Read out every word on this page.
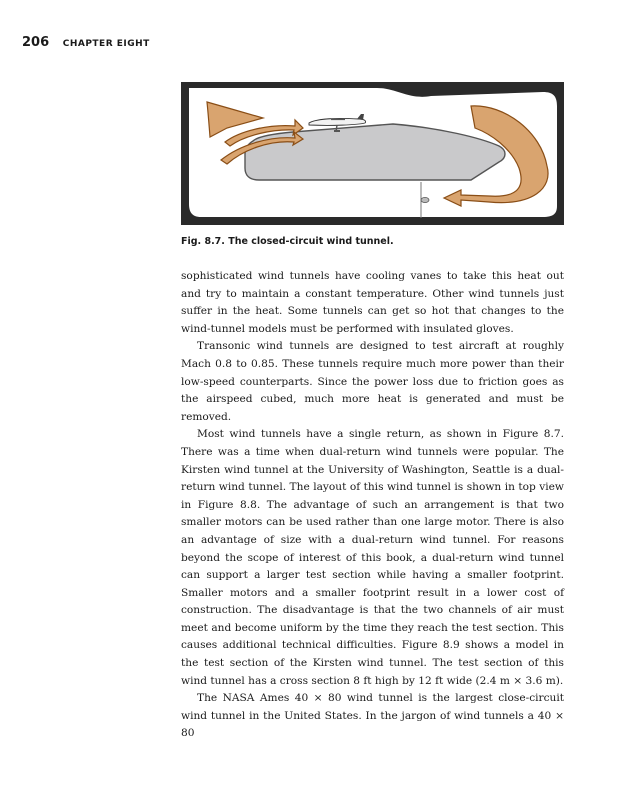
206 CHAPTER EIGHT
Fig. 8.7. The closed-circuit wind tunnel.

sophisticated wind tunnels have cooling vanes to take this heat out and try to maintain a constant temperature. Other wind tunnels just suffer in the heat. Some tunnels can get so hot that changes to the wind-tunnel models must be performed with insulated gloves.

Transonic wind tunnels are designed to test aircraft at roughly Mach 0.8 to 0.85. These tunnels require much more power than their low-speed counterparts. Since the power loss due to friction goes as the airspeed cubed, much more heat is generated and must be removed.

Most wind tunnels have a single return, as shown in Figure 8.7. There was a time when dual-return wind tunnels were popular. The Kirsten wind tunnel at the University of Washington, Seattle is a dual-return wind tunnel. The layout of this wind tunnel is shown in top view in Figure 8.8. The advantage of such an arrangement is that two smaller motors can be used rather than one large motor. There is also an advantage of size with a dual-return wind tunnel. For reasons beyond the scope of interest of this book, a dual-return wind tunnel can support a larger test section while having a smaller footprint. Smaller motors and a smaller footprint result in a lower cost of construction. The disadvantage is that the two channels of air must meet and become uniform by the time they reach the test section. This causes additional technical difficulties. Figure 8.9 shows a model in the test section of the Kirsten wind tunnel. The test section of this wind tunnel has a cross section 8 ft high by 12 ft wide (2.4 m × 3.6 m).

The NASA Ames 40 × 80 wind tunnel is the largest close-circuit wind tunnel in the United States. In the jargon of wind tunnels a 40 × 80
